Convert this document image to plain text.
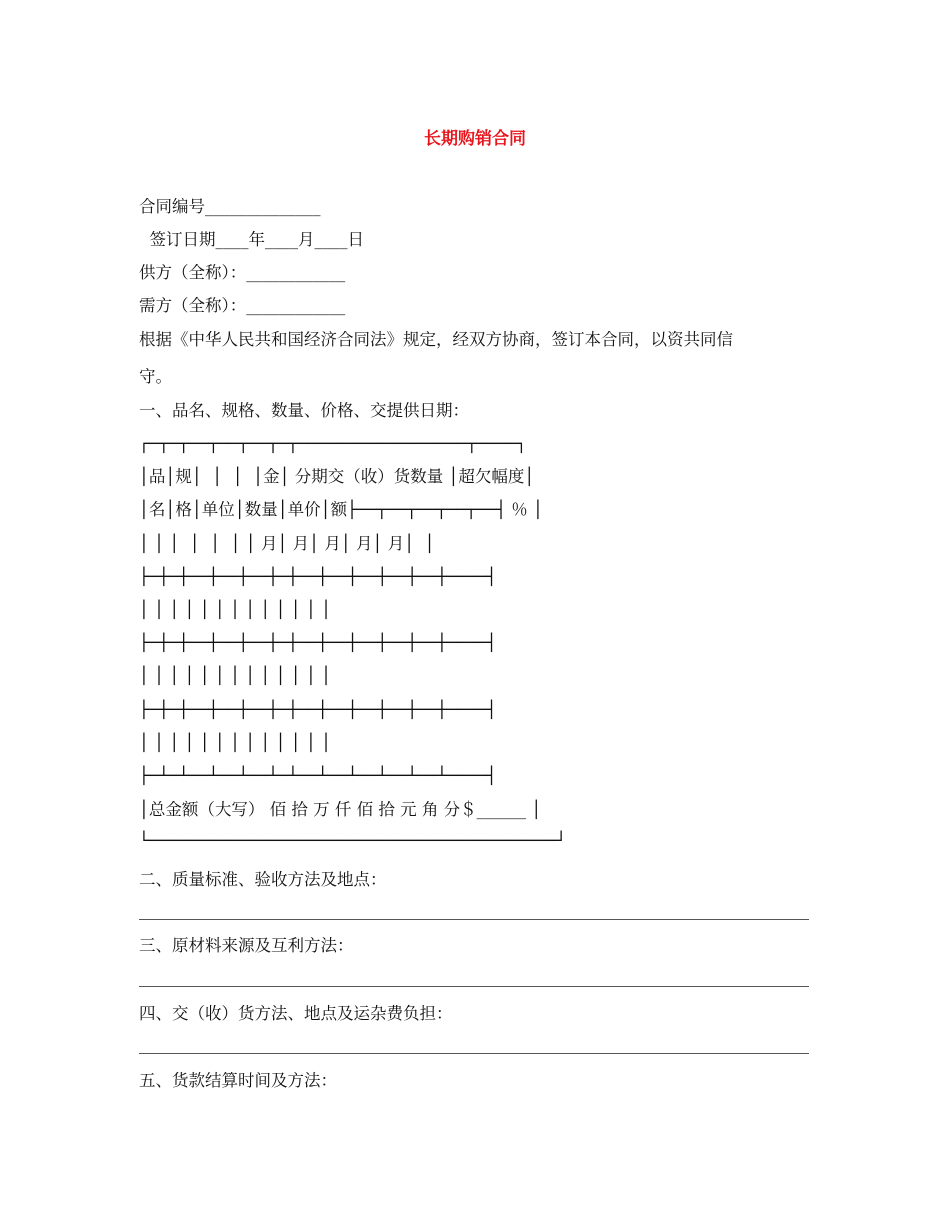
长期购销合同
合同编号______________
签订日期____年____月____日
供方（全称）：____________
需方（全称）：____________
根据《中华人民共和国经济合同法》规定，经双方协商，签订本合同，以资共同信
守。
一、品名、规格、数量、价格、交提供日期：
┌─┬─┬──┬──┬──┬─┬─────────────────┬────┐
│品│规│  │  │  │金│ 分期交（收）货数量 │超欠幅度│
│名│格│单位│数量│单价│额├──┬──┬──┬──┬──┤ ％ │
│ │ │  │  │  │ │ 月│ 月│ 月│ 月│ 月│  │
├─┼─┼──┼──┼──┼─┼──┼──┼──┼──┼──┼────┤
│ │ │ │ │ │ │ │ │ │ │ │ │
├─┼─┼──┼──┼──┼─┼──┼──┼──┼──┼──┼────┤
│ │ │ │ │ │ │ │ │ │ │ │ │
├─┼─┼──┼──┼──┼─┼──┼──┼──┼──┼──┼────┤
│ │ │ │ │ │ │ │ │ │ │ │ │
├─┴─┴──┴──┴──┴─┴──┴──┴──┴──┴──┴────┤
│总金额（大写） 佰 拾 万 仟 佰 拾 元 角 分＄______ │
└─────────────────────────────────────────┘
二、质量标准、验收方法及地点：
三、原材料来源及互利方法：
四、交（收）货方法、地点及运杂费负担：
五、货款结算时间及方法：
